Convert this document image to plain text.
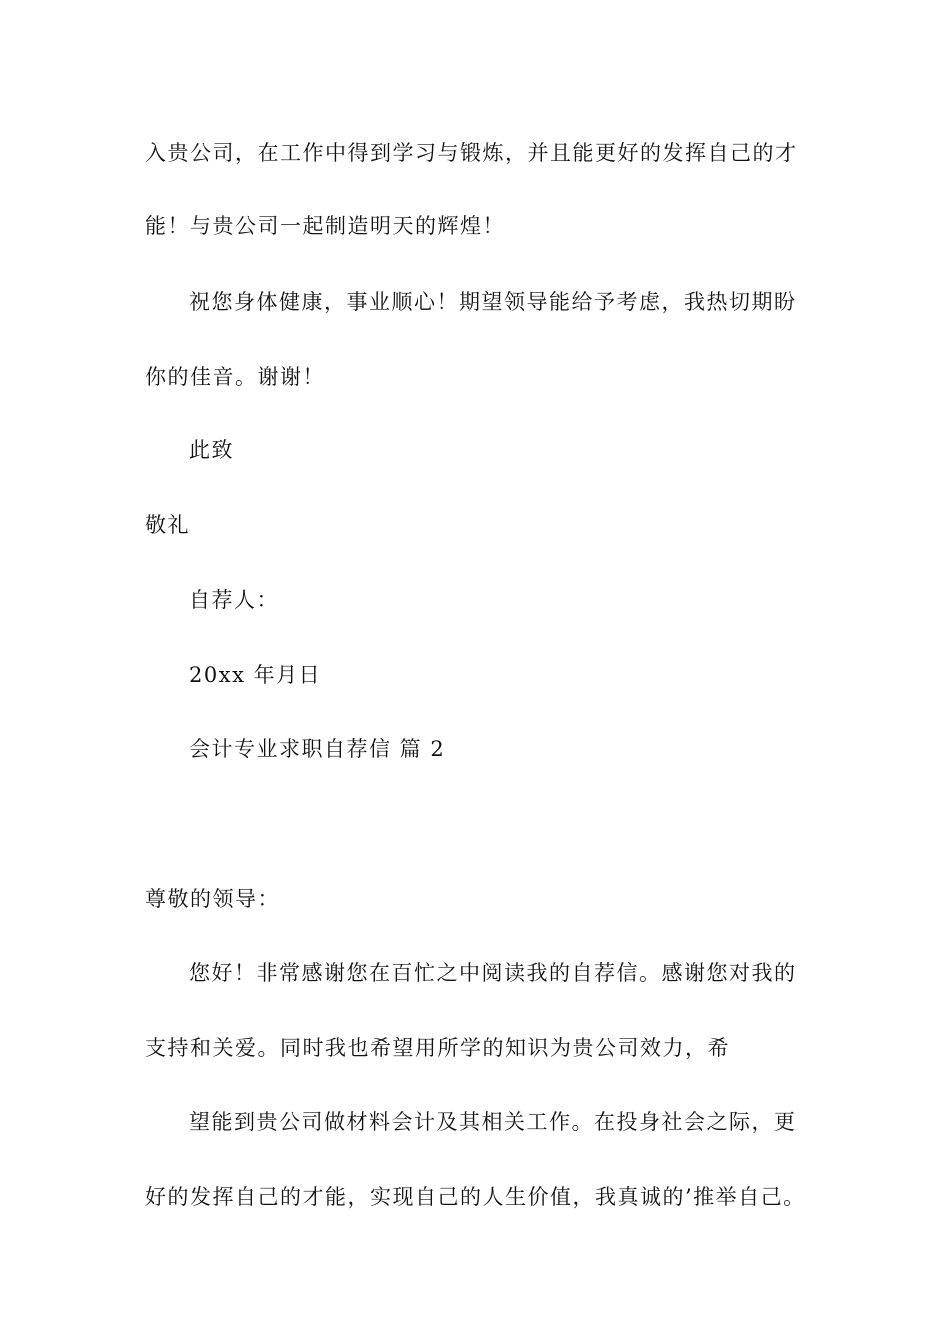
入贵公司，在工作中得到学习与锻炼，并且能更好的发挥自己的才
能！与贵公司一起制造明天的辉煌！
祝您身体健康，事业顺心！期望领导能给予考虑，我热切期盼
你的佳音。谢谢！
此致
敬礼
自荐人：
20xx 年月日
会计专业求职自荐信 篇 2
尊敬的领导：
您好！非常感谢您在百忙之中阅读我的自荐信。感谢您对我的
支持和关爱。同时我也希望用所学的知识为贵公司效力，希
望能到贵公司做材料会计及其相关工作。在投身社会之际，更
好的发挥自己的才能，实现自己的人生价值，我真诚的’推举自己。
